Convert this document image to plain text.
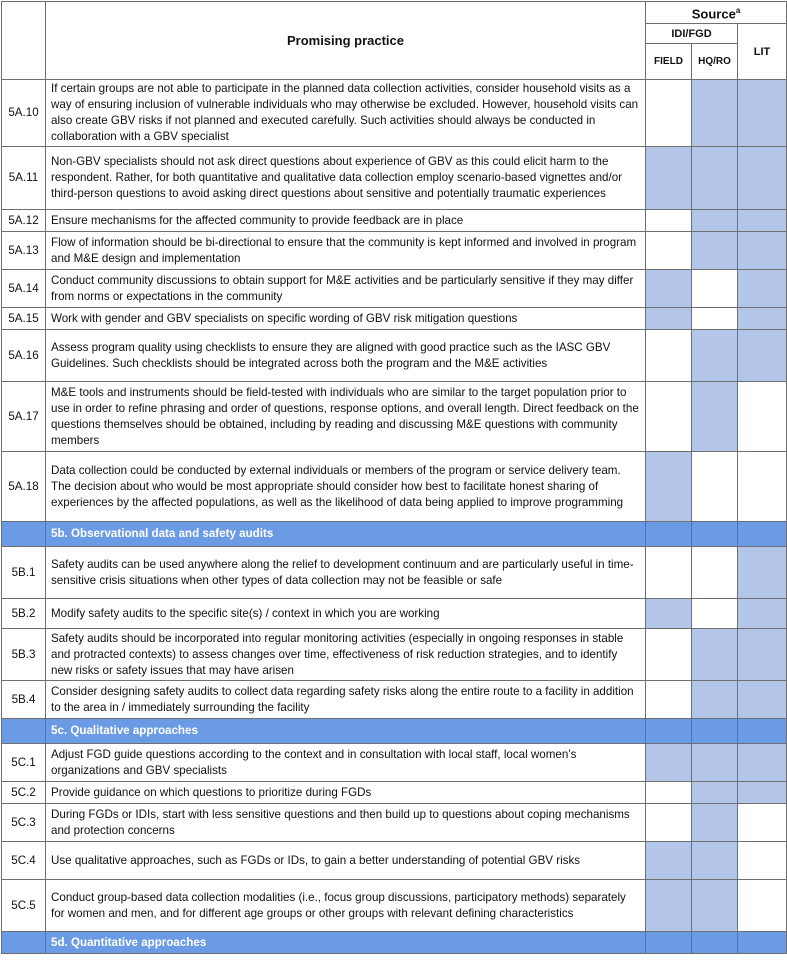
	Promising practice	Source$^a$
		IDI/FGD		LIT
		FIELD	HQ/RO	
5A.10	If certain groups are not able to participate in the planned data collection activities, consider household visits as a way of ensuring inclusion of vulnerable individuals who may otherwise be excluded. However, household visits can also create GBV risks if not planned and executed carefully. Such activities should always be conducted in collaboration with a GBV specialist			
5A.11	Non-GBV specialists should not ask direct questions about experience of GBV as this could elicit harm to the respondent. Rather, for both quantitative and qualitative data collection employ scenario-based vignettes and/or third-person questions to avoid asking direct questions about sensitive and potentially traumatic experiences			
5A.12	Ensure mechanisms for the affected community to provide feedback are in place			
5A.13	Flow of information should be bi-directional to ensure that the community is kept informed and involved in program and M&E design and implementation			
5A.14	Conduct community discussions to obtain support for M&E activities and be particularly sensitive if they may differ from norms or expectations in the community			
5A.15	Work with gender and GBV specialists on specific wording of GBV risk mitigation questions			
5A.16	Assess program quality using checklists to ensure they are aligned with good practice such as the IASC GBV Guidelines. Such checklists should be integrated across both the program and the M&E activities			
5A.17	M&E tools and instruments should be field-tested with individuals who are similar to the target population prior to use in order to refine phrasing and order of questions, response options, and overall length. Direct feedback on the questions themselves should be obtained, including by reading and discussing M&E questions with community members			
5A.18	Data collection could be conducted by external individuals or members of the program or service delivery team. The decision about who would be most appropriate should consider how best to facilitate honest sharing of experiences by the affected populations, as well as the likelihood of data being applied to improve programming			
	5b. Observational data and safety audits			
5B.1	Safety audits can be used anywhere along the relief to development continuum and are particularly useful in time-sensitive crisis situations when other types of data collection may not be feasible or safe			
5B.2	Modify safety audits to the specific site(s) / context in which you are working			
5B.3	Safety audits should be incorporated into regular monitoring activities (especially in ongoing responses in stable and protracted contexts) to assess changes over time, effectiveness of risk reduction strategies, and to identify new risks or safety issues that may have arisen			
5B.4	Consider designing safety audits to collect data regarding safety risks along the entire route to a facility in addition to the area in / immediately surrounding the facility			
	5c. Qualitative approaches			
5C.1	Adjust FGD guide questions according to the context and in consultation with local staff, local women’s organizations and GBV specialists			
5C.2	Provide guidance on which questions to prioritize during FGDs			
5C.3	During FGDs or IDIs, start with less sensitive questions and then build up to questions about coping mechanisms and protection concerns			
5C.4	Use qualitative approaches, such as FGDs or IDs, to gain a better understanding of potential GBV risks			
5C.5	Conduct group-based data collection modalities (i.e., focus group discussions, participatory methods) separately for women and men, and for different age groups or other groups with relevant defining characteristics			
	5d. Quantitative approaches			
